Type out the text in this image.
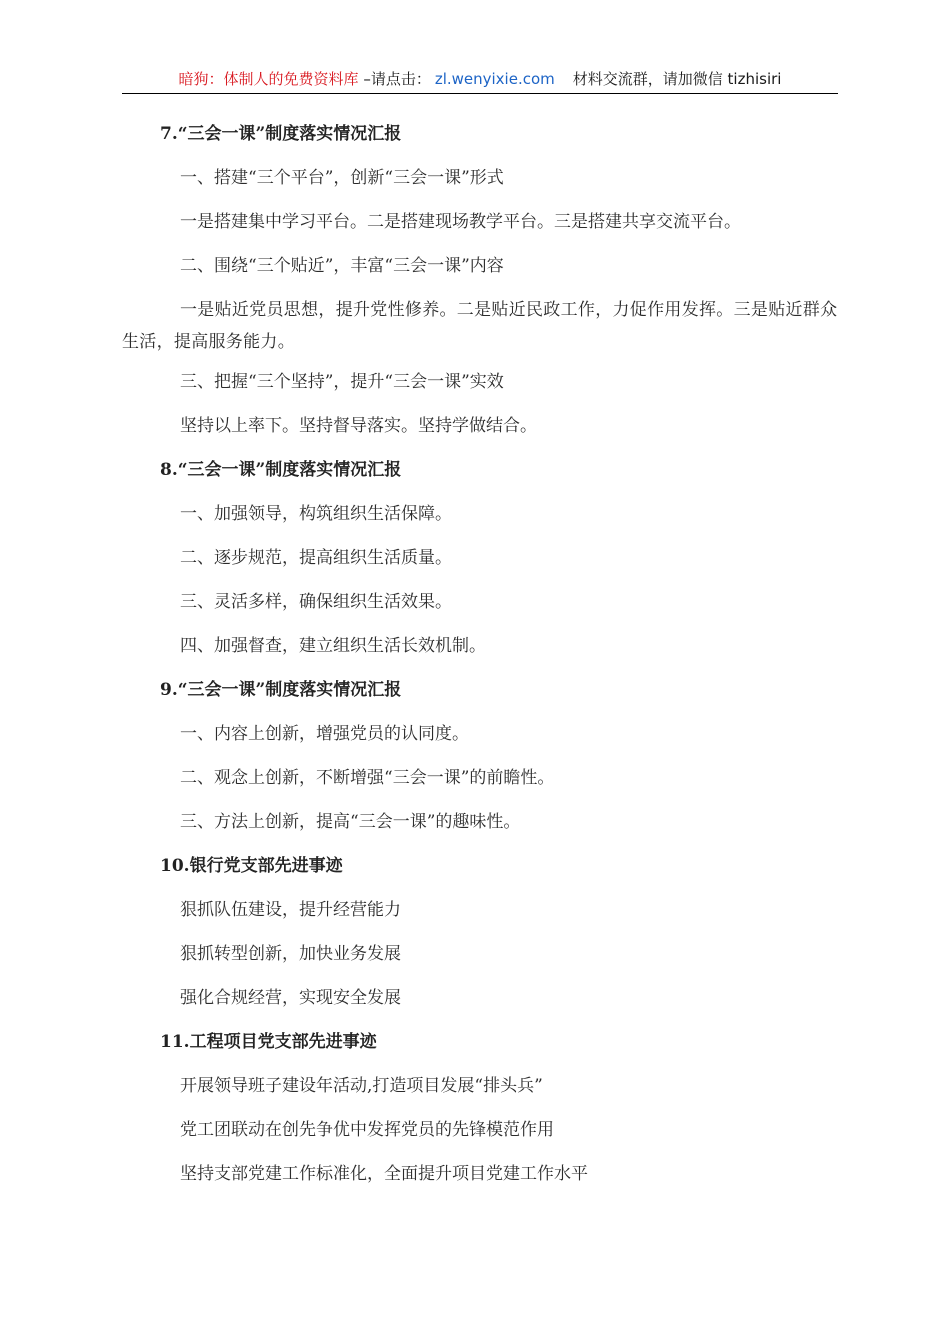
暗狗：体制人的免费资料库 –请点击： zl.wenyixie.com 材料交流群，请加微信 tizhisiri

7.“三会一课”制度落实情况汇报

一、搭建“三个平台”，创新“三会一课”形式

一是搭建集中学习平台。二是搭建现场教学平台。三是搭建共享交流平台。

二、围绕“三个贴近”，丰富“三会一课”内容

一是贴近党员思想，提升党性修养。二是贴近民政工作，力促作用发挥。三是贴近群众生活，提高服务能力。

三、把握“三个坚持”，提升“三会一课”实效

坚持以上率下。坚持督导落实。坚持学做结合。

8.“三会一课”制度落实情况汇报

一、加强领导，构筑组织生活保障。

二、逐步规范，提高组织生活质量。

三、灵活多样，确保组织生活效果。

四、加强督查，建立组织生活长效机制。

9.“三会一课”制度落实情况汇报

一、内容上创新，增强党员的认同度。

二、观念上创新，不断增强“三会一课”的前瞻性。

三、方法上创新，提高“三会一课”的趣味性。

10.银行党支部先进事迹

狠抓队伍建设，提升经营能力

狠抓转型创新，加快业务发展

强化合规经营，实现安全发展

11.工程项目党支部先进事迹

开展领导班子建设年活动,打造项目发展“排头兵”

党工团联动在创先争优中发挥党员的先锋模范作用

坚持支部党建工作标准化，全面提升项目党建工作水平
